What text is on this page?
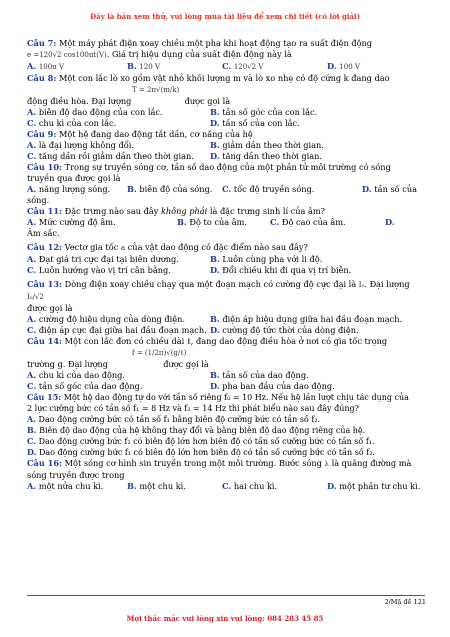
Đây là bản xem thử, vui lòng mua tài liệu để xem chi tiết (có lời giải)
Câu 7: Một máy phát điện xoay chiều một pha khi hoạt động tạo ra suất điện động
e =120√2 cos100πt(V). Giá trị hiệu dụng của suất điện động này là
A. 100π V	B. 120 V	C. 120√2 V	D. 100 V
Câu 8: Một con lắc lò xo gồm vật nhỏ khối lượng m và lò xo nhẹ có độ cứng k đang dao
T = 2π√(m/k)
động điều hòa. Đại lượng	được gọi là
A. biên độ dao động của con lắc.	B. tần số góc của con lắc.
C. chu kì của con lắc.	D. tần số của con lắc.
Câu 9: Một hệ đang dao động tắt dần, cơ năng của hệ
A. là đại lượng không đổi.	B. giảm dần theo thời gian.
C. tăng dần rồi giảm dần theo thời gian.	D. tăng dần theo thời gian.
Câu 10: Trong sự truyền sóng cơ, tần số dao động của một phần tử môi trường có sóng
truyền qua được gọi là
A. năng lượng sóng.	B. biên độ của sóng.	C. tốc độ truyền sóng.	D. tần số của
sóng.
Câu 11: Đặc trưng nào sau đây không phải là đặc trưng sinh lí của âm?
A. Mức cường độ âm.	B. Độ to của âm.	C. Độ cao của âm.	D.
Âm sắc.
Câu 12: Vectơ gia tốc a của vật dao động có đặc điểm nào sau đây?
A. Đạt giá trị cực đại tại biên dương.	B. Luôn cùng pha với li độ.
C. Luôn hướng vào vị trí cân bằng.	D. Đổi chiều khi đi qua vị trí biên.
Câu 13: Dòng điện xoay chiều chạy qua một đoạn mạch có cường độ cực đại là I₀. Đại lượng
I₀/√2
được gọi là
A. cường độ hiệu dụng của dòng điện.	B. điện áp hiệu dụng giữa hai đầu đoạn mạch.
C. điện áp cực đại giữa hai đầu đoạn mạch. D. cường độ tức thời của dòng điện.
Câu 14: Một con lắc đơn có chiều dài ℓ, đang dao động điều hòa ở nơi có gia tốc trọng
f = (1/2π)√(g/ℓ)
trường g. Đại lượng	được gọi là
A. chu kì của dao động.	B. tần số của dao động.
C. tần số góc của dao động.	D. pha ban đầu của dao động.
Câu 15: Một hệ dao động tự do với tần số riêng f₀ = 10 Hz. Nếu hệ lần lượt chịu tác dụng của
2 lực cưỡng bức có tần số f₁ = 8 Hz và f₂ = 14 Hz thì phát biểu nào sau đây đúng?
A. Dao động cưỡng bức có tần số f₁ bằng biên độ cưỡng bức có tần số f₂.
B. Biên độ dao động của hệ không thay đổi và bằng biên độ dao động riêng của hệ.
C. Dao động cưỡng bức f₂ có biên độ lớn hơn biên độ có tần số cưỡng bức có tần số f₁.
D. Dao động cưỡng bức f₁ có biên độ lớn hơn biên độ có tần số cưỡng bức có tần số f₂.
Câu 16: Một sóng cơ hình sin truyền trong một môi trường. Bước sóng λ là quãng đường mà
sóng truyền được trong
A. một nửa chu kì.	B. một chu kì.	C. hai chu kì.	D. một phần tư chu kì.
2/Mã đề 121
Mọi thắc mắc vui lòng xin vui lòng: 084 283 45 85
